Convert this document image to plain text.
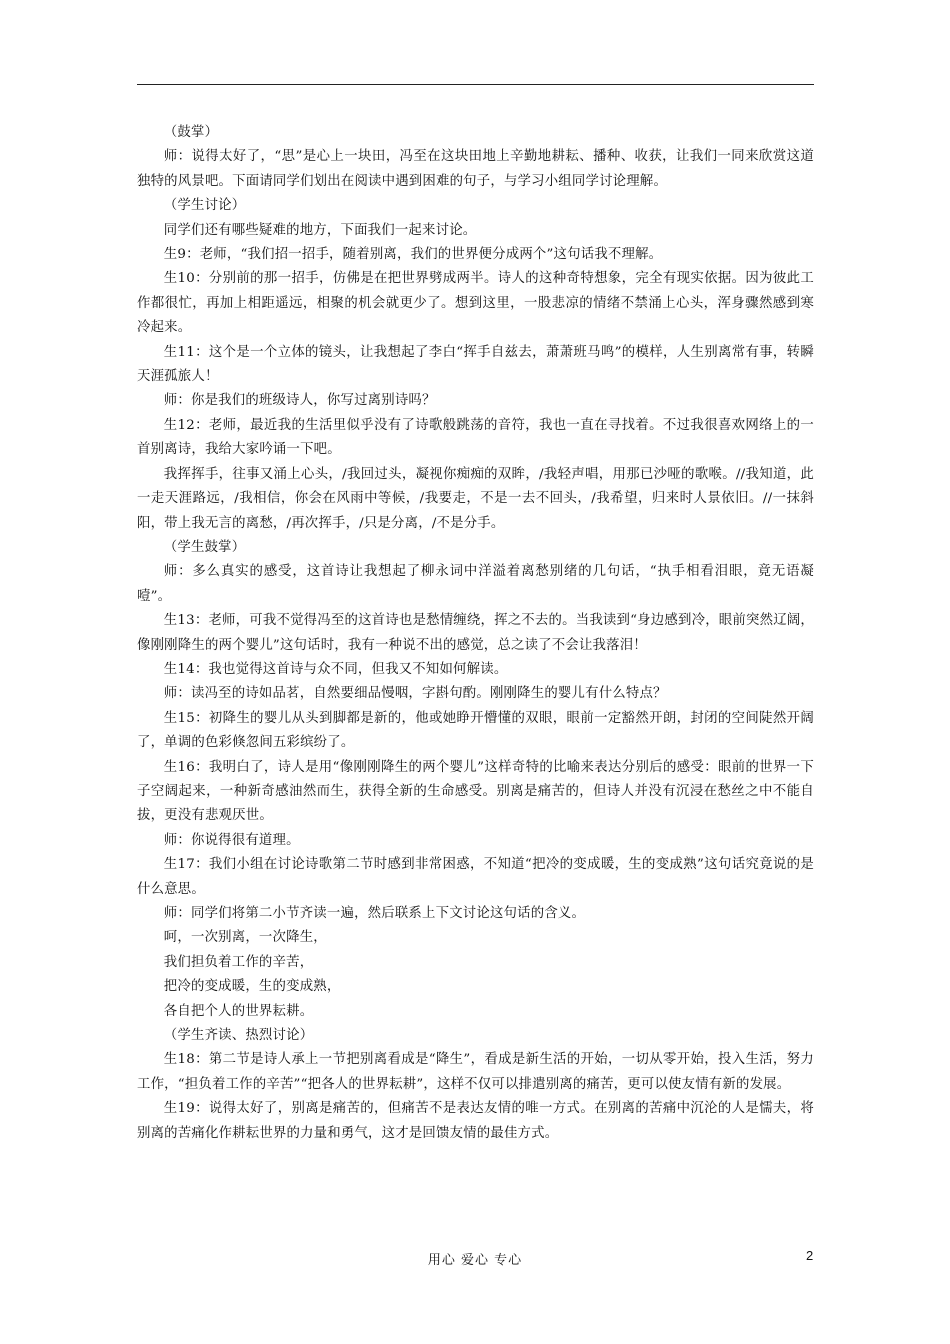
（鼓掌）

师：说得太好了，“思”是心上一块田，冯至在这块田地上辛勤地耕耘、播种、收获，让我们一同来欣赏这道独特的风景吧。下面请同学们划出在阅读中遇到困难的句子，与学习小组同学讨论理解。

（学生讨论）

同学们还有哪些疑难的地方，下面我们一起来讨论。

生9：老师，“我们招一招手，随着别离，我们的世界便分成两个”这句话我不理解。

生10：分别前的那一招手，仿佛是在把世界劈成两半。诗人的这种奇特想象，完全有现实依据。因为彼此工作都很忙，再加上相距遥远，相聚的机会就更少了。想到这里，一股悲凉的情绪不禁涌上心头，浑身骤然感到寒冷起来。

生11：这个是一个立体的镜头，让我想起了李白“挥手自兹去，萧萧班马鸣”的模样，人生别离常有事，转瞬天涯孤旅人！

师：你是我们的班级诗人，你写过离别诗吗？

生12：老师，最近我的生活里似乎没有了诗歌般跳荡的音符，我也一直在寻找着。不过我很喜欢网络上的一首别离诗，我给大家吟诵一下吧。

我挥挥手，往事又涌上心头，/我回过头，凝视你痴痴的双眸，/我轻声唱，用那已沙哑的歌喉。//我知道，此一走天涯路远，/我相信，你会在风雨中等候，/我要走，不是一去不回头，/我希望，归来时人景依旧。//一抹斜阳，带上我无言的离愁，/再次挥手，/只是分离，/不是分手。

（学生鼓掌）

师：多么真实的感受，这首诗让我想起了柳永词中洋溢着离愁别绪的几句话，“执手相看泪眼，竟无语凝噎”。

生13：老师，可我不觉得冯至的这首诗也是愁情缠绕，挥之不去的。当我读到“身边感到冷，眼前突然辽阔，像刚刚降生的两个婴儿”这句话时，我有一种说不出的感觉，总之读了不会让我落泪！

生14：我也觉得这首诗与众不同，但我又不知如何解读。

师：读冯至的诗如品茗，自然要细品慢咽，字斟句酌。刚刚降生的婴儿有什么特点？

生15：初降生的婴儿从头到脚都是新的，他或她睁开懵懂的双眼，眼前一定豁然开朗，封闭的空间陡然开阔了，单调的色彩倏忽间五彩缤纷了。

生16：我明白了，诗人是用“像刚刚降生的两个婴儿”这样奇特的比喻来表达分别后的感受：眼前的世界一下子空阔起来，一种新奇感油然而生，获得全新的生命感受。别离是痛苦的，但诗人并没有沉浸在愁丝之中不能自拔，更没有悲观厌世。

师：你说得很有道理。

生17：我们小组在讨论诗歌第二节时感到非常困惑，不知道“把冷的变成暖，生的变成熟”这句话究竟说的是什么意思。

师：同学们将第二小节齐读一遍，然后联系上下文讨论这句话的含义。

呵，一次别离，一次降生，

我们担负着工作的辛苦，

把冷的变成暖，生的变成熟，

各自把个人的世界耘耕。

（学生齐读、热烈讨论）

生18：第二节是诗人承上一节把别离看成是“降生”，看成是新生活的开始，一切从零开始，投入生活，努力工作，“担负着工作的辛苦”“把各人的世界耘耕”，这样不仅可以排遣别离的痛苦，更可以使友情有新的发展。

生19：说得太好了，别离是痛苦的，但痛苦不是表达友情的唯一方式。在别离的苦痛中沉沦的人是懦夫，将别离的苦痛化作耕耘世界的力量和勇气，这才是回馈友情的最佳方式。

用心 爱心 专心	2
